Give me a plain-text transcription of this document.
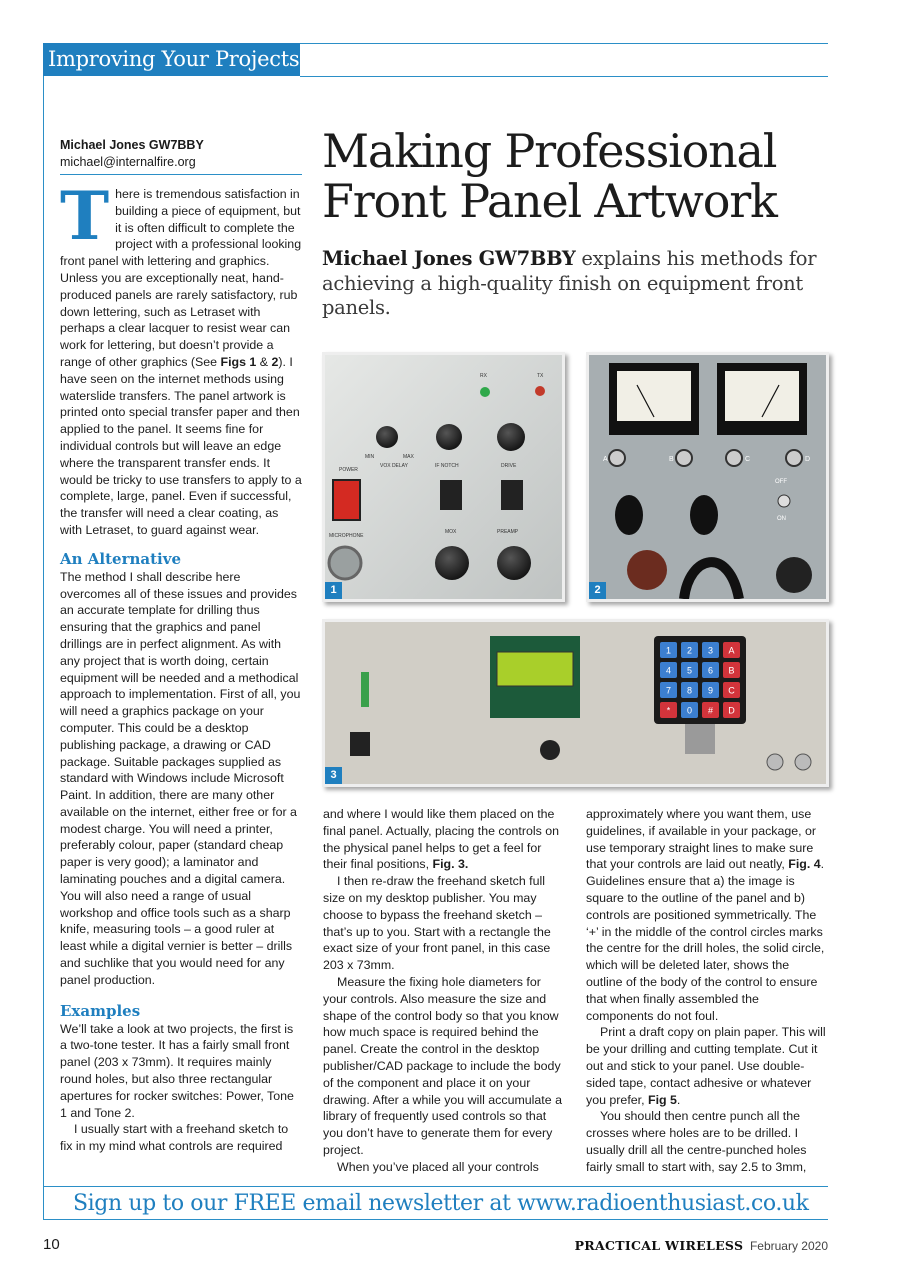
Improving Your Projects
Michael Jones GW7BBY
michael@internalfire.org	Making Professional Front Panel Artwork
Michael Jones GW7BBY explains his methods for achieving a high-quality finish on equipment front panels.

There is tremendous satisfaction in building a piece of equipment, but it is often difficult to complete the project with a professional looking front panel with lettering and graphics. Unless you are exceptionally neat, hand-produced panels are rarely satisfactory, rub down lettering, such as Letraset with perhaps a clear lacquer to resist wear can work for lettering, but doesn’t provide a range of other graphics (See Figs 1 & 2). I have seen on the internet methods using waterslide transfers. The panel artwork is printed onto special transfer paper and then applied to the panel. It seems fine for individual controls but will leave an edge where the transparent transfer ends. It would be tricky to use transfers to apply to a complete, large, panel. Even if successful, the transfer will need a clear coating, as with Letraset, to guard against wear.

An Alternative

The method I shall describe here overcomes all of these issues and provides an accurate template for drilling thus ensuring that the graphics and panel drillings are in perfect alignment. As with any project that is worth doing, certain equipment will be needed and a methodical approach to implementation. First of all, you will need a graphics package on your computer. This could be a desktop publishing package, a drawing or CAD package. Suitable packages supplied as standard with Windows include Microsoft Paint. In addition, there are many other available on the internet, either free or for a modest charge. You will need a printer, preferably colour, paper (standard cheap paper is very good); a laminator and laminating pouches and a digital camera. You will also need a range of usual workshop and office tools such as a sharp knife, measuring tools – a good ruler at least while a digital vernier is better – drills and suchlike that you would need for any panel production.

Examples

We’ll take a look at two projects, the first is a two-tone tester. It has a fairly small front panel (203 x 73mm). It requires mainly round holes, but also three rectangular apertures for rocker switches: Power, Tone 1 and Tone 2.

I usually start with a freehand sketch to fix in my mind what controls are required

RX	TX
MIN	MAX
VOX DELAY	IF NOTCH	DRIVE
POWER
MICROPHONE
MOX	PREAMP
1
A	B	C	D
OFF
ON
2
1 2 3 A
4 5 6 B
7 8 9 C
* 0 # D
3

and where I would like them placed on the final panel. Actually, placing the controls on the physical panel helps to get a feel for their final positions, Fig. 3.

I then re-draw the freehand sketch full size on my desktop publisher. You may choose to bypass the freehand sketch – that’s up to you. Start with a rectangle the exact size of your front panel, in this case 203 x 73mm.

Measure the fixing hole diameters for your controls. Also measure the size and shape of the control body so that you know how much space is required behind the panel. Create the control in the desktop publisher/CAD package to include the body of the component and place it on your drawing. After a while you will accumulate a library of frequently used controls so that you don’t have to generate them for every project.

When you’ve placed all your controls

approximately where you want them, use guidelines, if available in your package, or use temporary straight lines to make sure that your controls are laid out neatly, Fig. 4. Guidelines ensure that a) the image is square to the outline of the panel and b) controls are positioned symmetrically. The ‘+’ in the middle of the control circles marks the centre for the drill holes, the solid circle, which will be deleted later, shows the outline of the body of the control to ensure that when finally assembled the components do not foul.

Print a draft copy on plain paper. This will be your drilling and cutting template. Cut it out and stick to your panel. Use double-sided tape, contact adhesive or whatever you prefer, Fig 5.

You should then centre punch all the crosses where holes are to be drilled. I usually drill all the centre-punched holes fairly small to start with, say 2.5 to 3mm,

Sign up to our FREE email newsletter at www.radioenthusiast.co.uk
10	PRACTICAL WIRELESS February 2020
